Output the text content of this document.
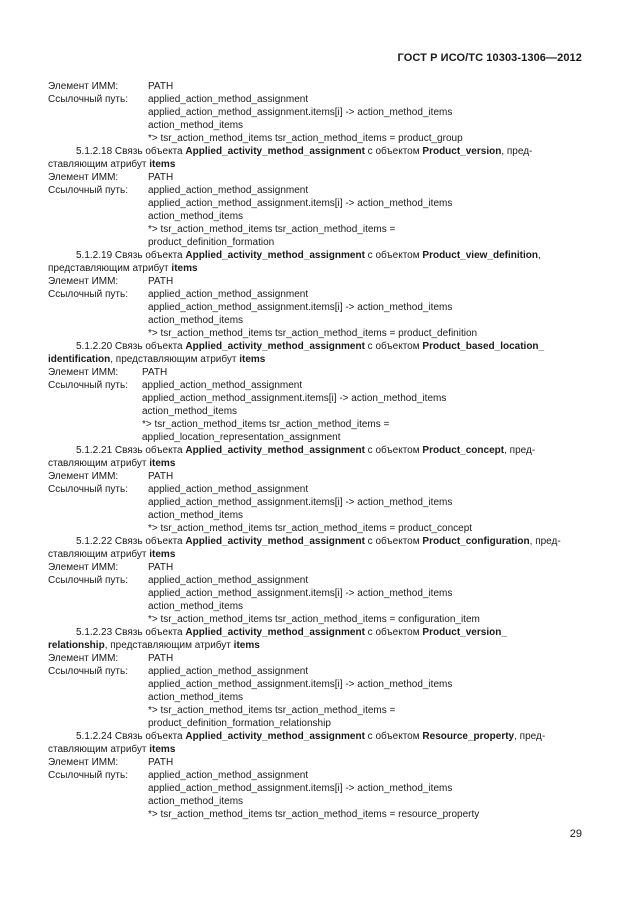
ГОСТ Р ИСО/ТС 10303-1306—2012
Элемент ИММ:	PATH
Ссылочный путь:	applied_action_method_assignment
applied_action_method_assignment.items[i] -> action_method_items
action_method_items
*> tsr_action_method_items tsr_action_method_items = product_group
5.1.2.18 Связь объекта Applied_activity_method_assignment с объектом Product_version, пред-
ставляющим атрибут items
Элемент ИММ:	PATH
Ссылочный путь:	applied_action_method_assignment
applied_action_method_assignment.items[i] -> action_method_items
action_method_items
*> tsr_action_method_items tsr_action_method_items =
product_definition_formation
5.1.2.19 Связь объекта Applied_activity_method_assignment с объектом Product_view_definition,
представляющим атрибут items
Элемент ИММ:	PATH
Ссылочный путь:	applied_action_method_assignment
applied_action_method_assignment.items[i] -> action_method_items
action_method_items
*> tsr_action_method_items tsr_action_method_items = product_definition
5.1.2.20 Связь объекта Applied_activity_method_assignment с объектом Product_based_location_
identification, представляющим атрибут items
Элемент ИММ:	PATH
Ссылочный путь:	applied_action_method_assignment
applied_action_method_assignment.items[i] -> action_method_items
action_method_items
*> tsr_action_method_items tsr_action_method_items =
applied_location_representation_assignment
5.1.2.21 Связь объекта Applied_activity_method_assignment с объектом Product_concept, пред-
ставляющим атрибут items
Элемент ИММ:	PATH
Ссылочный путь:	applied_action_method_assignment
applied_action_method_assignment.items[i] -> action_method_items
action_method_items
*> tsr_action_method_items tsr_action_method_items = product_concept
5.1.2.22 Связь объекта Applied_activity_method_assignment с объектом Product_configuration, пред-
ставляющим атрибут items
Элемент ИММ:	PATH
Ссылочный путь:	applied_action_method_assignment
applied_action_method_assignment.items[i] -> action_method_items
action_method_items
*> tsr_action_method_items tsr_action_method_items = configuration_item
5.1.2.23 Связь объекта Applied_activity_method_assignment с объектом Product_version_
relationship, представляющим атрибут items
Элемент ИММ:	PATH
Ссылочный путь:	applied_action_method_assignment
applied_action_method_assignment.items[i] -> action_method_items
action_method_items
*> tsr_action_method_items tsr_action_method_items =
product_definition_formation_relationship
5.1.2.24 Связь объекта Applied_activity_method_assignment с объектом Resource_property, пред-
ставляющим атрибут items
Элемент ИММ:	PATH
Ссылочный путь:	applied_action_method_assignment
applied_action_method_assignment.items[i] -> action_method_items
action_method_items
*> tsr_action_method_items tsr_action_method_items = resource_property
29
